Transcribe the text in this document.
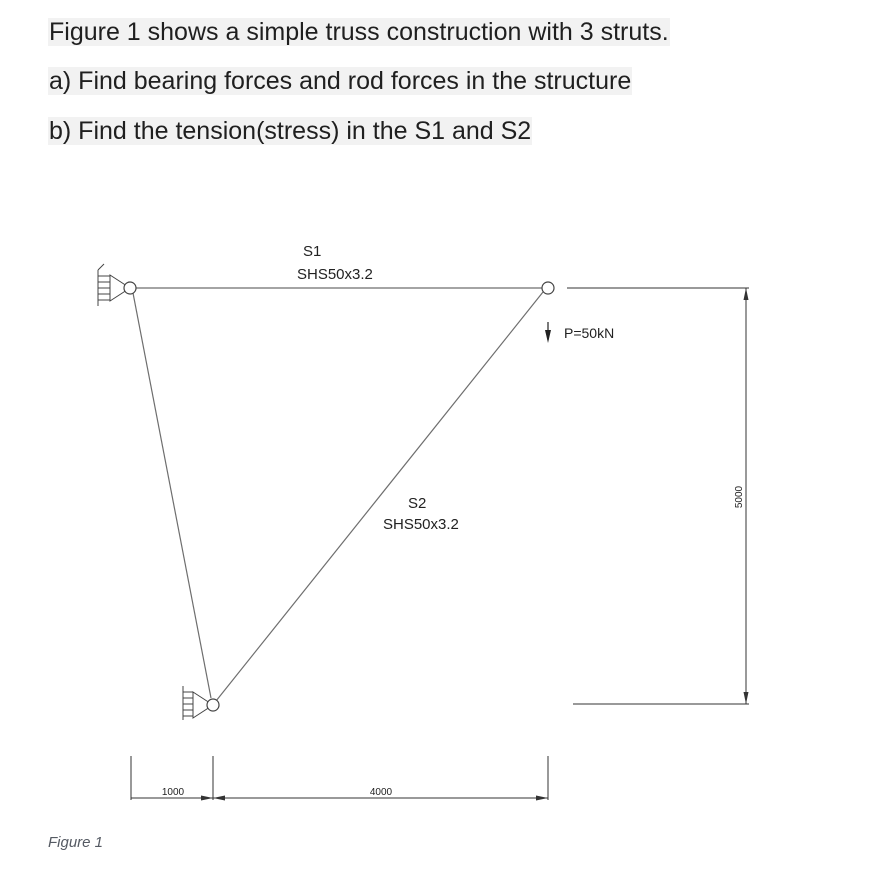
Figure 1 shows a simple truss construction with 3 struts.

a) Find bearing forces and rod forces in the structure

b) Find the tension(stress) in the S1 and S2

P=50kN
S1
SHS50x3.2
S2
SHS50x3.2
5000
1000	4000
Figure 1
